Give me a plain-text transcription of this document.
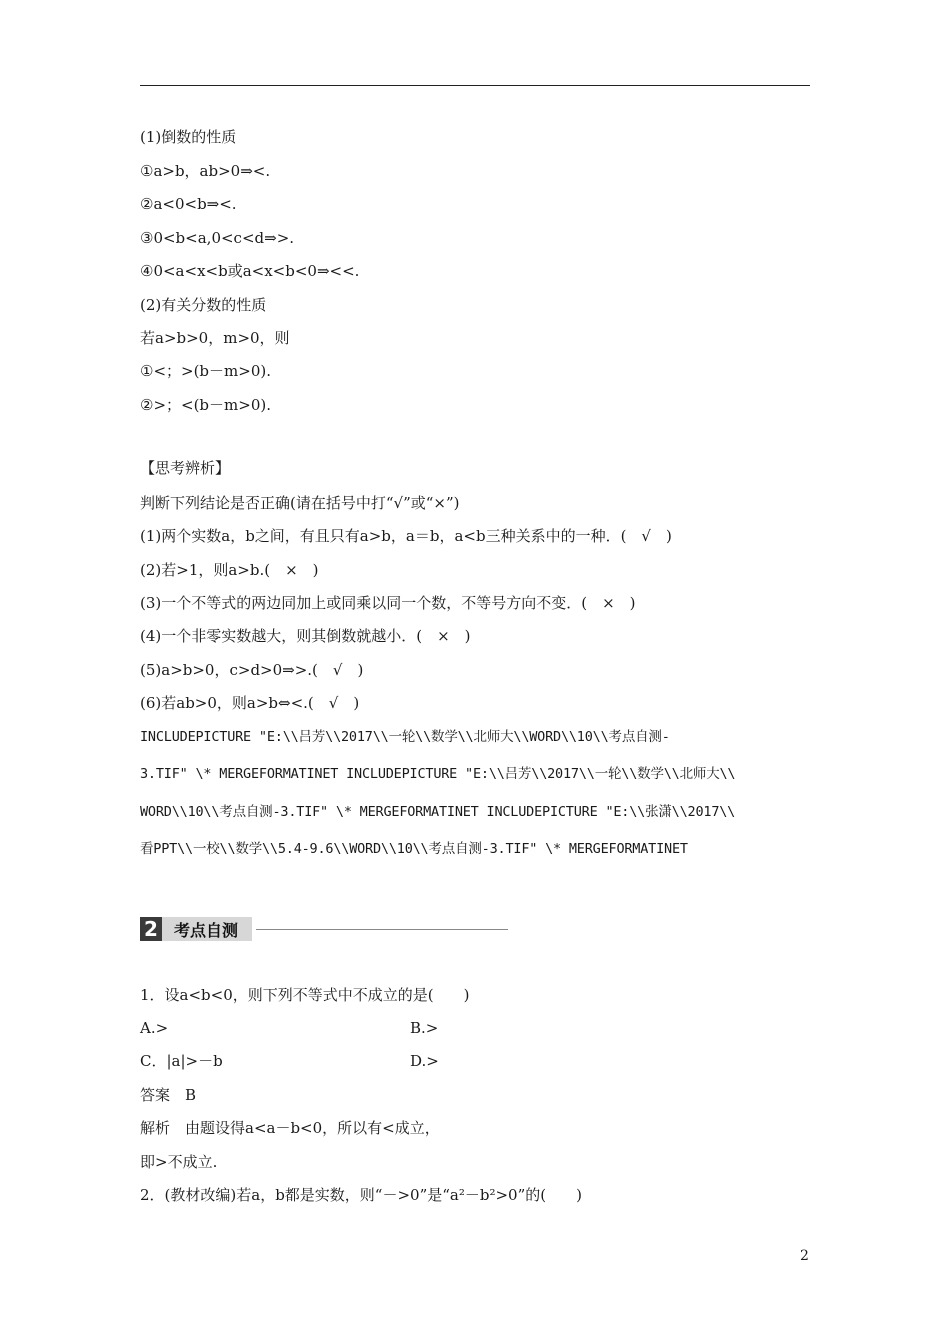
(1)倒数的性质
①a>b，ab>0⇒<.
②a<0<b⇒<.
③0<b<a,0<c<d⇒>.
④0<a<x<b或a<x<b<0⇒<<.
(2)有关分数的性质
若a>b>0，m>0，则
①<；>(b－m>0).
②>；<(b－m>0).
【思考辨析】
判断下列结论是否正确(请在括号中打“√”或“×”)
(1)两个实数a，b之间，有且只有a>b，a＝b，a<b三种关系中的一种．(　√　)
(2)若>1，则a>b.(　×　)
(3)一个不等式的两边同加上或同乘以同一个数，不等号方向不变．(　×　)
(4)一个非零实数越大，则其倒数就越小．(　×　)
(5)a>b>0，c>d>0⇒>.(　√　)
(6)若ab>0，则a>b⇔<.(　√　)
INCLUDEPICTURE "E:\\吕芳\\2017\\一轮\\数学\\北师大\\WORD\\10\\考点自测-
3.TIF" \* MERGEFORMATINET INCLUDEPICTURE "E:\\吕芳\\2017\\一轮\\数学\\北师大\\
WORD\\10\\考点自测-3.TIF" \* MERGEFORMATINET INCLUDEPICTURE "E:\\张潇\\2017\\
看PPT\\一校\\数学\\5.4-9.6\\WORD\\10\\考点自测-3.TIF" \* MERGEFORMATINET
2	考点自测
1．设a<b<0，则下列不等式中不成立的是(　　)
A.>	B.>
C．|a|>－b	D.>
答案　B
解析　由题设得a<a－b<0，所以有<成立，
即>不成立.
2．(教材改编)若a，b都是实数，则“－>0”是“a²－b²>0”的(　　)
2
